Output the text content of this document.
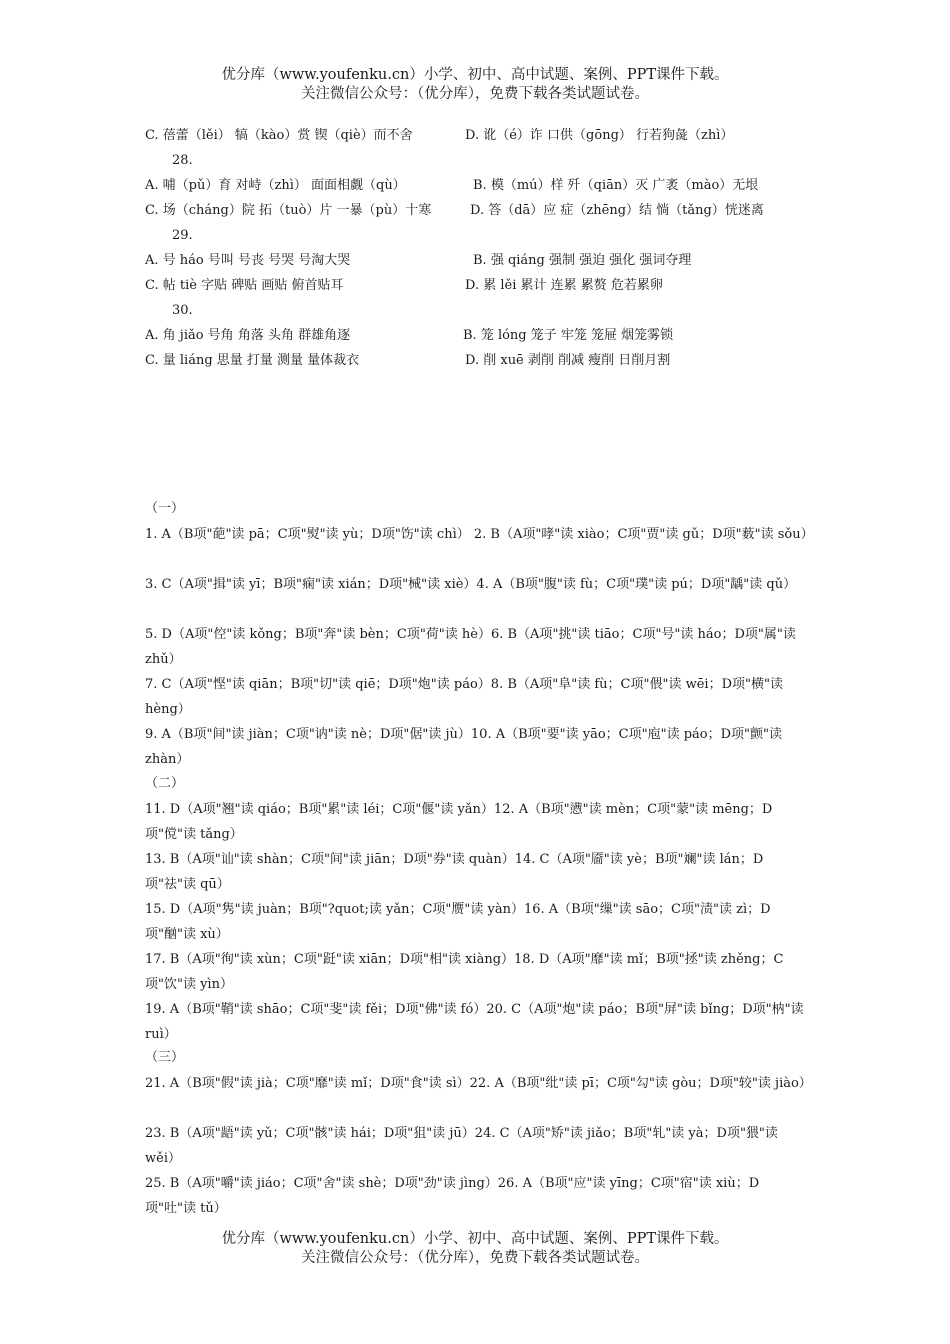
优分库（www.youfenku.cn）小学、初中、高中试题、案例、PPT课件下载。
关注微信公众号：（优分库），免费下载各类试题试卷。
C. 蓓蕾（lěi） 犒（kào）赏 锲（qiè）而不舍	D. 讹（é）诈 口供（gōng） 行若狗彘（zhì）
28.
A. 哺（pǔ）育 对峙（zhì） 面面相觑（qù）	B. 模（mú）样 歼（qiān）灭 广袤（mào）无垠
C. 场（cháng）院 拓（tuò）片 一暴（pù）十寒	D. 答（dā）应 症（zhēng）结 惝（tǎng）恍迷离
29.
A. 号 háo 号叫 号丧 号哭 号淘大哭	B. 强 qiáng 强制 强迫 强化 强词夺理
C. 帖 tiè 字贴 碑贴 画贴 俯首贴耳	D. 累 lěi 累计 连累 累赘 危若累卵
30.
A. 角 jiǎo 号角 角落 头角 群雄角逐	B. 笼 lóng 笼子 牢笼 笼屉 烟笼雾锁
C. 量 liáng 思量 打量 测量 量体裁衣	D. 削 xuē 剥削 削减 瘦削 日削月割
（一）
1. A（B项"葩"读 pā；C项"熨"读 yù；D项"饬"读 chì） 2. B（A项"哮"读 xiào；C项"贾"读 gǔ；D项"薮"读 sǒu）
3. C（A项"揖"读 yī；B项"痫"读 xián；D项"械"读 xiè）4. A（B项"腹"读 fù；C项"璞"读 pú；D项"龋"读 qǔ）
5. D（A项"倥"读 kǒng；B项"奔"读 bèn；C项"荷"读 hè）6. B（A项"挑"读 tiāo；C项"号"读 háo；D项"属"读 zhǔ）
7. C（A项"悭"读 qiān；B项"切"读 qiē；D项"炮"读 páo）8. B（A项"阜"读 fù；C项"偎"读 wēi；D项"横"读 hèng）
9. A（B项"间"读 jiàn；C项"讷"读 nè；D项"倨"读 jù）10. A（B项"要"读 yāo；C项"庖"读 páo；D项"颤"读 zhàn）
（二）
11. D（A项"翘"读 qiáo；B项"累"读 léi；C项"偃"读 yǎn）12. A（B项"懑"读 mèn；C项"蒙"读 mēng；D项"傥"读 tǎng）
13. B（A项"讪"读 shàn；C项"间"读 jiān；D项"券"读 quàn）14. C（A项"靥"读 yè；B项"斓"读 lán；D项"祛"读 qū）
15. D（A项"隽"读 juàn；B项"?quot;读 yǎn；C项"赝"读 yàn）16. A（B项"缫"读 sāo；C项"渍"读 zì；D项"酗"读 xù）
17. B（A项"徇"读 xùn；C项"跹"读 xiān；D项"相"读 xiàng）18. D（A项"靡"读 mǐ；B项"拯"读 zhěng；C项"饮"读 yìn）
19. A（B项"鞘"读 shāo；C项"斐"读 fěi；D项"佛"读 fó）20. C（A项"炮"读 páo；B项"屏"读 bǐng；D项"枘"读 ruì）
（三）
21. A（B项"假"读 jià；C项"靡"读 mǐ；D项"食"读 sì）22. A（B项"纰"读 pī；C项"勾"读 gòu；D项"较"读 jiào）
23. B（A项"龉"读 yǔ；C项"骸"读 hái；D项"狙"读 jū）24. C（A项"矫"读 jiǎo；B项"轧"读 yà；D项"猥"读 wěi）
25. B（A项"嚼"读 jiáo；C项"舍"读 shè；D项"劲"读 jìng）26. A（B项"应"读 yīng；C项"宿"读 xiù；D项"吐"读 tǔ）
优分库（www.youfenku.cn）小学、初中、高中试题、案例、PPT课件下载。
关注微信公众号：（优分库），免费下载各类试题试卷。
